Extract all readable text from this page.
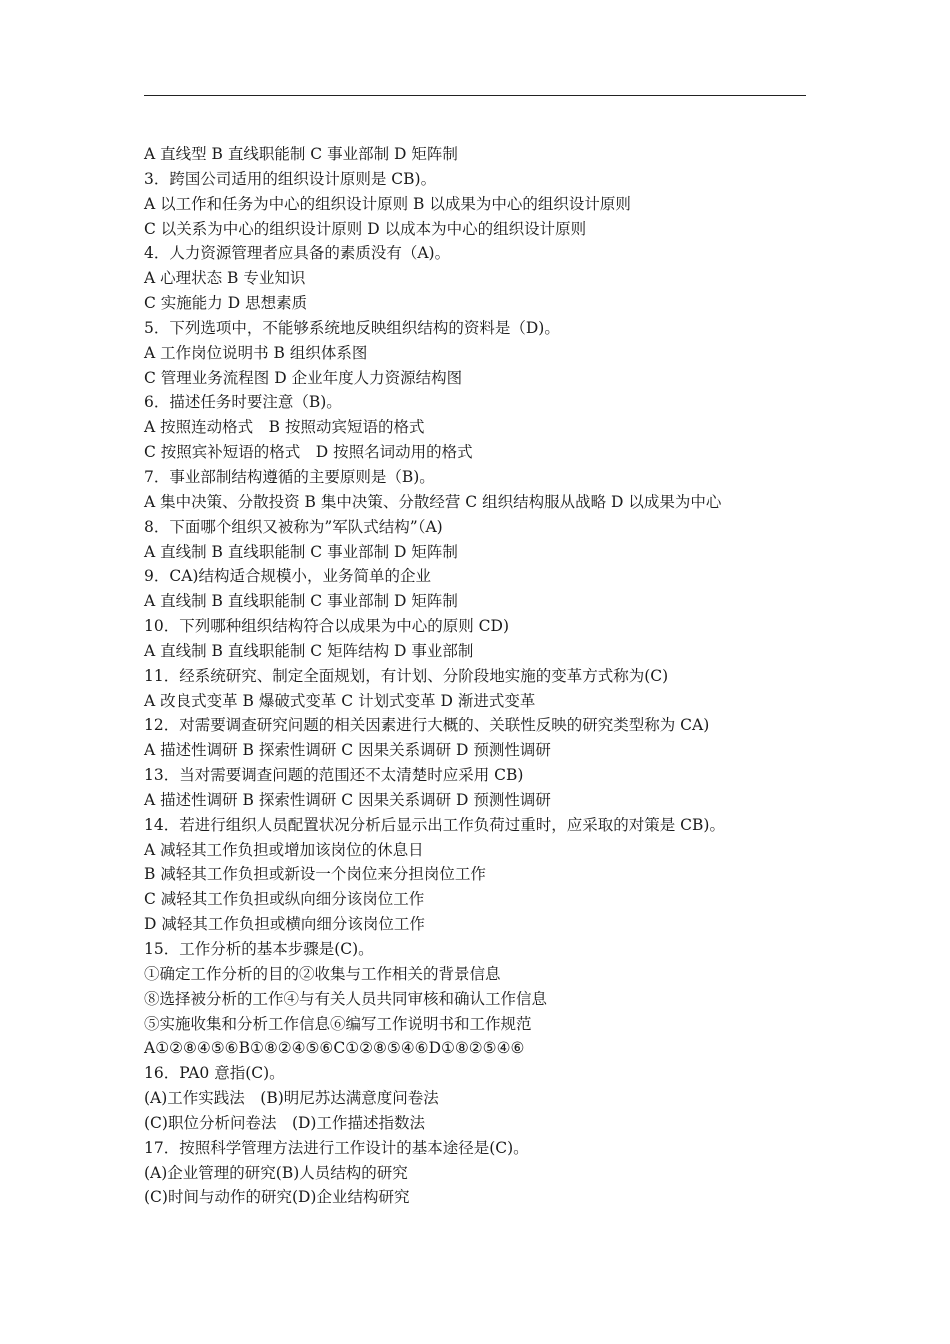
A 直线型 B 直线职能制 C 事业部制 D 矩阵制
3．跨国公司适用的组织设计原则是 CB)。
A 以工作和任务为中心的组织设计原则 B 以成果为中心的组织设计原则
C 以关系为中心的组织设计原则 D 以成本为中心的组织设计原则
4．人力资源管理者应具备的素质没有（A)。
A 心理状态 B 专业知识
C 实施能力 D 思想素质
5．下列选项中，不能够系统地反映组织结构的资料是（D)。
A 工作岗位说明书 B 组织体系图
C 管理业务流程图 D 企业年度人力资源结构图
6．描述任务时要注意（B)。
A 按照连动格式　B 按照动宾短语的格式
C 按照宾补短语的格式　D 按照名词动用的格式
7．事业部制结构遵循的主要原则是（B)。
A 集中决策、分散投资 B 集中决策、分散经营 C 组织结构服从战略 D 以成果为中心
8．下面哪个组织又被称为”军队式结构”（A)
A 直线制 B 直线职能制 C 事业部制 D 矩阵制
9．CA)结构适合规模小，业务简单的企业
A 直线制 B 直线职能制 C 事业部制 D 矩阵制
10．下列哪种组织结构符合以成果为中心的原则 CD)
A 直线制 B 直线职能制 C 矩阵结构 D 事业部制
11．经系统研究、制定全面规划，有计划、分阶段地实施的变革方式称为(C)
A 改良式变革 B 爆破式变革 C 计划式变革 D 渐进式变革
12．对需要调查研究问题的相关因素进行大概的、关联性反映的研究类型称为 CA)
A 描述性调研 B 探索性调研 C 因果关系调研 D 预测性调研
13．当对需要调查问题的范围还不太清楚时应采用 CB)
A 描述性调研 B 探索性调研 C 因果关系调研 D 预测性调研
14．若进行组织人员配置状况分析后显示出工作负荷过重时，应采取的对策是 CB)。
A 减轻其工作负担或增加该岗位的休息日
B 减轻其工作负担或新设一个岗位来分担岗位工作
C 减轻其工作负担或纵向细分该岗位工作
D 减轻其工作负担或横向细分该岗位工作
15．工作分析的基本步骤是(C)。
①确定工作分析的目的②收集与工作相关的背景信息
⑧选择被分析的工作④与有关人员共同审核和确认工作信息
⑤实施收集和分析工作信息⑥编写工作说明书和工作规范
A①②⑧④⑤⑥B①⑧②④⑤⑥C①②⑧⑤④⑥D①⑧②⑤④⑥
16．PA0 意指(C)。
(A)工作实践法　(B)明尼苏达满意度问卷法
(C)职位分析问卷法　(D)工作描述指数法
17．按照科学管理方法进行工作设计的基本途径是(C)。
(A)企业管理的研究(B)人员结构的研究
(C)时间与动作的研究(D)企业结构研究
